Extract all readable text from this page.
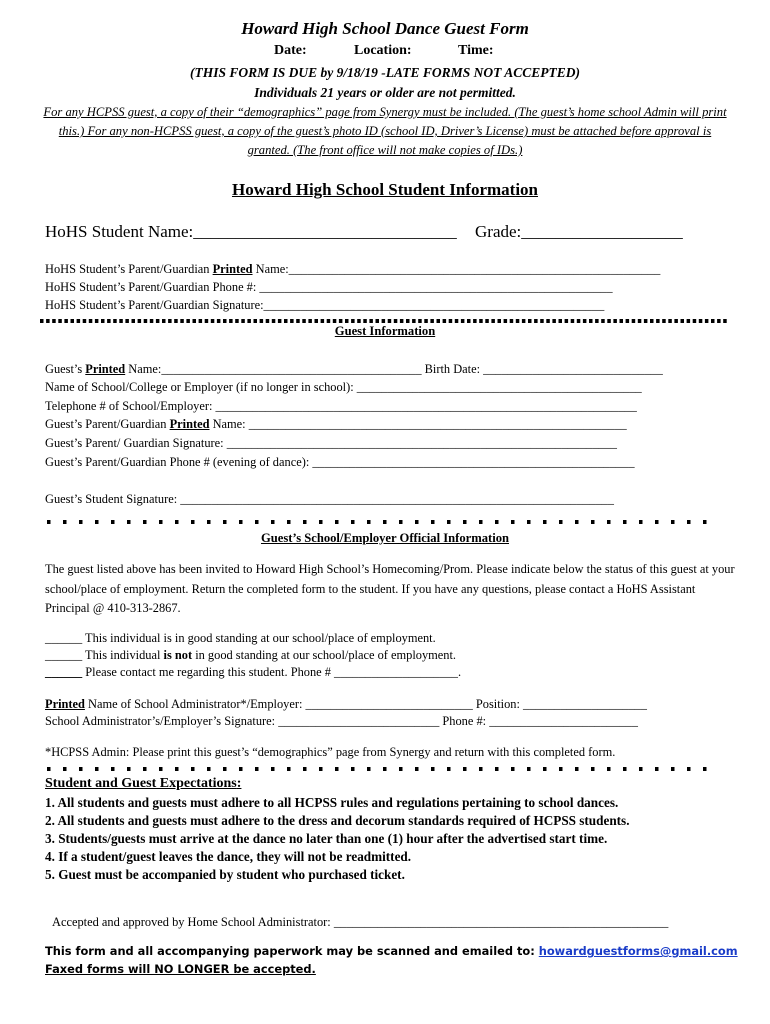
Howard High School Dance Guest Form
Date:	Location:	Time:
(THIS FORM IS DUE by 9/18/19 -LATE FORMS NOT ACCEPTED)
Individuals 21 years or older are not permitted.
For any HCPSS guest, a copy of their “demographics” page from Synergy must be included. (The guest’s home school Admin will print this.) For any non-HCPSS guest, a copy of the guest’s photo ID (school ID, Driver’s License) must be attached before approval is granted. (The front office will not make copies of IDs.)
Howard High School Student Information
HoHS Student Name:_______________________________ Grade:___________________
HoHS Student’s Parent/Guardian Printed Name:____________________________________________________________
HoHS Student’s Parent/Guardian Phone #: _________________________________________________________
HoHS Student’s Parent/Guardian Signature:_______________________________________________________
Guest Information
Guest’s Printed Name:__________________________________________ Birth Date: _____________________________
Name of School/College or Employer (if no longer in school): ______________________________________________
Telephone # of School/Employer: ____________________________________________________________________
Guest’s Parent/Guardian Printed Name: _____________________________________________________________
Guest’s Parent/ Guardian Signature: _______________________________________________________________
Guest’s Parent/Guardian Phone # (evening of dance): ____________________________________________________
Guest’s Student Signature: ______________________________________________________________________
Guest’s School/Employer Official Information
The guest listed above has been invited to Howard High School’s Homecoming/Prom. Please indicate below the status of this guest at your school/place of employment. Return the completed form to the student. If you have any questions, please contact a HoHS Assistant Principal @ 410-313-2867.
______ This individual is in good standing at our school/place of employment.
______ This individual is not in good standing at our school/place of employment.
______ Please contact me regarding this student. Phone # ____________________.
Printed Name of School Administrator*/Employer: ___________________________ Position: ____________________
School Administrator’s/Employer’s Signature: __________________________ Phone #: ________________________
*HCPSS Admin: Please print this guest’s “demographics” page from Synergy and return with this completed form.
Student and Guest Expectations:
1. All students and guests must adhere to all HCPSS rules and regulations pertaining to school dances.
2. All students and guests must adhere to the dress and decorum standards required of HCPSS students.
3. Students/guests must arrive at the dance no later than one (1) hour after the advertised start time.
4. If a student/guest leaves the dance, they will not be readmitted.
5. Guest must be accompanied by student who purchased ticket.
Accepted and approved by Home School Administrator: ______________________________________________________
This form and all accompanying paperwork may be scanned and emailed to: howardguestforms@gmail.com
Faxed forms will NO LONGER be accepted.
